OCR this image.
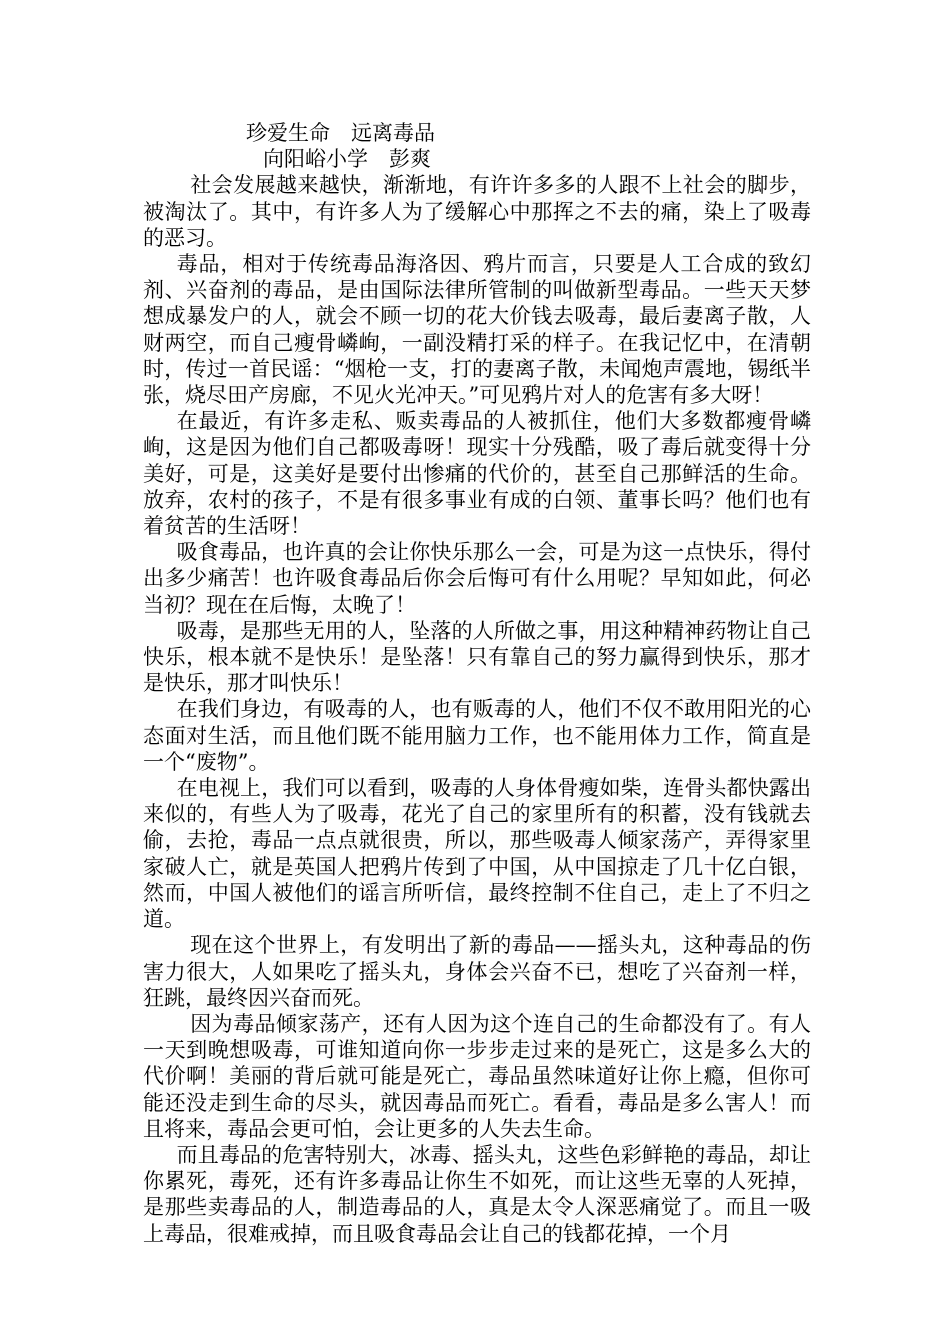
珍爱生命　远离毒品
向阳峪小学　彭爽

社会发展越来越快，渐渐地，有许许多多的人跟不上社会的脚步，被淘汰了。其中，有许多人为了缓解心中那挥之不去的痛，染上了吸毒的恶习。

毒品，相对于传统毒品海洛因、鸦片而言，只要是人工合成的致幻剂、兴奋剂的毒品，是由国际法律所管制的叫做新型毒品。一些天天梦想成暴发户的人，就会不顾一切的花大价钱去吸毒，最后妻离子散，人财两空，而自己瘦骨嶙峋，一副没精打采的样子。在我记忆中，在清朝时，传过一首民谣：“烟枪一支，打的妻离子散，未闻炮声震地，锡纸半张，烧尽田产房廊，不见火光冲天。”可见鸦片对人的危害有多大呀！

在最近，有许多走私、贩卖毒品的人被抓住，他们大多数都瘦骨嶙峋，这是因为他们自己都吸毒呀！现实十分残酷，吸了毒后就变得十分美好，可是，这美好是要付出惨痛的代价的，甚至自己那鲜活的生命。放弃，农村的孩子，不是有很多事业有成的白领、董事长吗？他们也有着贫苦的生活呀！

吸食毒品，也许真的会让你快乐那么一会，可是为这一点快乐，得付出多少痛苦！也许吸食毒品后你会后悔可有什么用呢？早知如此，何必当初？现在在后悔，太晚了！

吸毒，是那些无用的人，坠落的人所做之事，用这种精神药物让自己快乐，根本就不是快乐！是坠落！只有靠自己的努力赢得到快乐，那才是快乐，那才叫快乐！

在我们身边，有吸毒的人，也有贩毒的人，他们不仅不敢用阳光的心态面对生活，而且他们既不能用脑力工作，也不能用体力工作，简直是一个“废物”。

在电视上，我们可以看到，吸毒的人身体骨瘦如柴，连骨头都快露出来似的，有些人为了吸毒，花光了自己的家里所有的积蓄，没有钱就去偷，去抢，毒品一点点就很贵，所以，那些吸毒人倾家荡产，弄得家里家破人亡，就是英国人把鸦片传到了中国，从中国掠走了几十亿白银，然而，中国人被他们的谣言所听信，最终控制不住自己，走上了不归之道。

现在这个世界上，有发明出了新的毒品——摇头丸，这种毒品的伤害力很大，人如果吃了摇头丸，身体会兴奋不已，想吃了兴奋剂一样，狂跳，最终因兴奋而死。

因为毒品倾家荡产，还有人因为这个连自己的生命都没有了。有人一天到晚想吸毒，可谁知道向你一步步走过来的是死亡，这是多么大的代价啊！美丽的背后就可能是死亡，毒品虽然味道好让你上瘾，但你可能还没走到生命的尽头，就因毒品而死亡。看看，毒品是多么害人！而且将来，毒品会更可怕，会让更多的人失去生命。

而且毒品的危害特别大，冰毒、摇头丸，这些色彩鲜艳的毒品，却让你累死，毒死，还有许多毒品让你生不如死，而让这些无辜的人死掉，是那些卖毒品的人，制造毒品的人，真是太令人深恶痛觉了。而且一吸上毒品，很难戒掉，而且吸食毒品会让自己的钱都花掉，一个月
